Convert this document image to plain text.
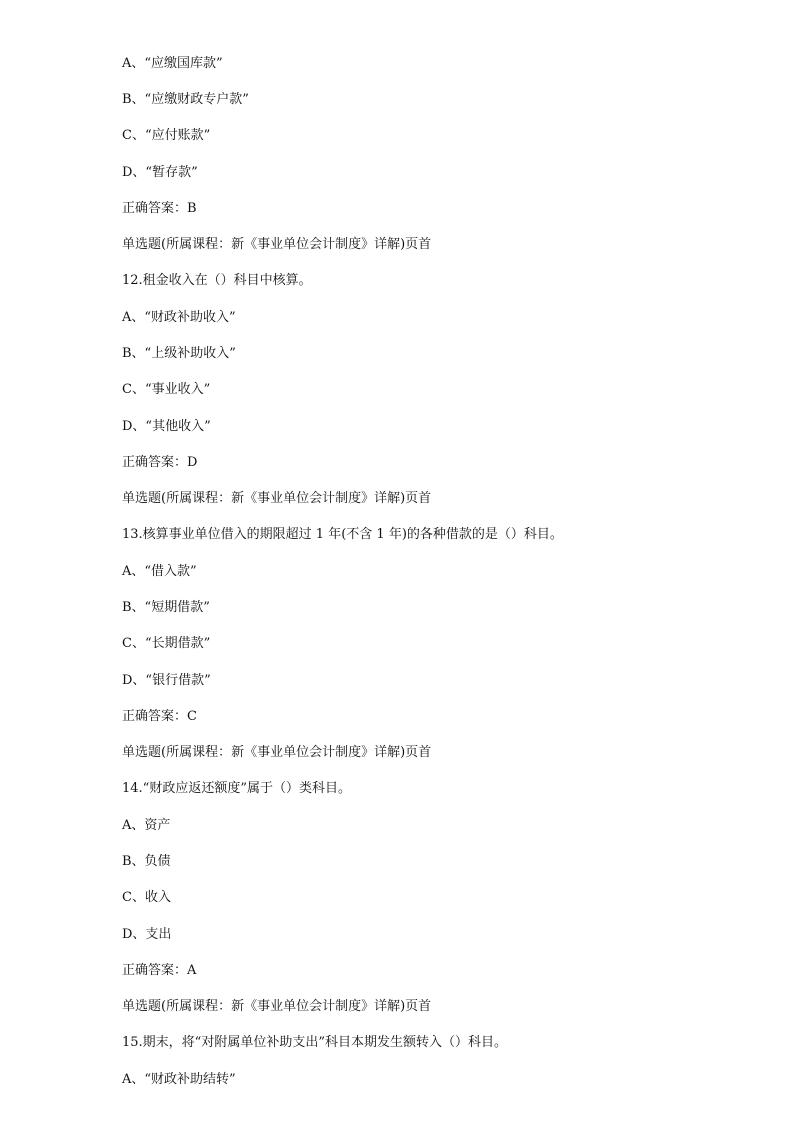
A、“应缴国库款”
B、“应缴财政专户款”
C、“应付账款”
D、“暂存款”
正确答案：B
单选题(所属课程：新《事业单位会计制度》详解)页首
12.租金收入在（）科目中核算。
A、“财政补助收入”
B、“上级补助收入”
C、“事业收入”
D、“其他收入”
正确答案：D
单选题(所属课程：新《事业单位会计制度》详解)页首
13.核算事业单位借入的期限超过 1 年(不含 1 年)的各种借款的是（）科目。
A、“借入款”
B、“短期借款”
C、“长期借款”
D、“银行借款”
正确答案：C
单选题(所属课程：新《事业单位会计制度》详解)页首
14.“财政应返还额度”属于（）类科目。
A、资产
B、负债
C、收入
D、支出
正确答案：A
单选题(所属课程：新《事业单位会计制度》详解)页首
15.期末，将“对附属单位补助支出”科目本期发生额转入（）科目。
A、“财政补助结转”
